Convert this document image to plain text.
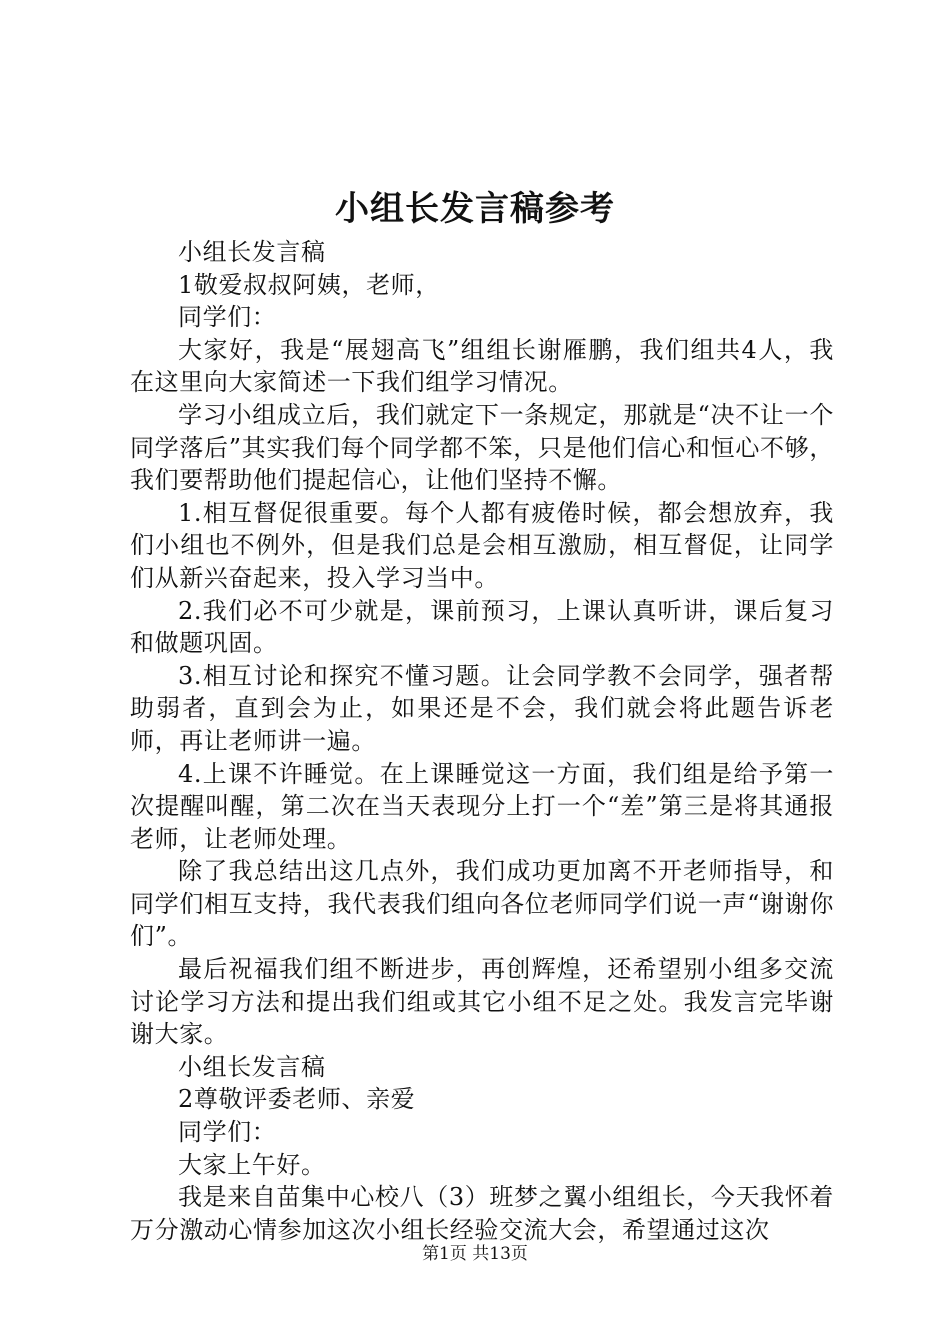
小组长发言稿参考

小组长发言稿

1敬爱叔叔阿姨，老师，

同学们：

大家好，我是“展翅高飞”组组长谢雁鹏，我们组共4人，我在这里向大家简述一下我们组学习情况。

学习小组成立后，我们就定下一条规定，那就是“决不让一个同学落后”其实我们每个同学都不笨，只是他们信心和恒心不够，我们要帮助他们提起信心，让他们坚持不懈。

1.相互督促很重要。每个人都有疲倦时候，都会想放弃，我们小组也不例外，但是我们总是会相互激励，相互督促，让同学们从新兴奋起来，投入学习当中。

2.我们必不可少就是，课前预习，上课认真听讲，课后复习和做题巩固。

3.相互讨论和探究不懂习题。让会同学教不会同学，强者帮助弱者，直到会为止，如果还是不会，我们就会将此题告诉老师，再让老师讲一遍。

4.上课不许睡觉。在上课睡觉这一方面，我们组是给予第一次提醒叫醒，第二次在当天表现分上打一个“差”第三是将其通报老师，让老师处理。

除了我总结出这几点外，我们成功更加离不开老师指导，和同学们相互支持，我代表我们组向各位老师同学们说一声“谢谢你们”。

最后祝福我们组不断进步，再创辉煌，还希望别小组多交流讨论学习方法和提出我们组或其它小组不足之处。我发言完毕谢谢大家。

小组长发言稿

2尊敬评委老师、亲爱

同学们：

大家上午好。

我是来自苗集中心校八（3）班梦之翼小组组长，今天我怀着万分激动心情参加这次小组长经验交流大会，希望通过这次

第1页 共13页
